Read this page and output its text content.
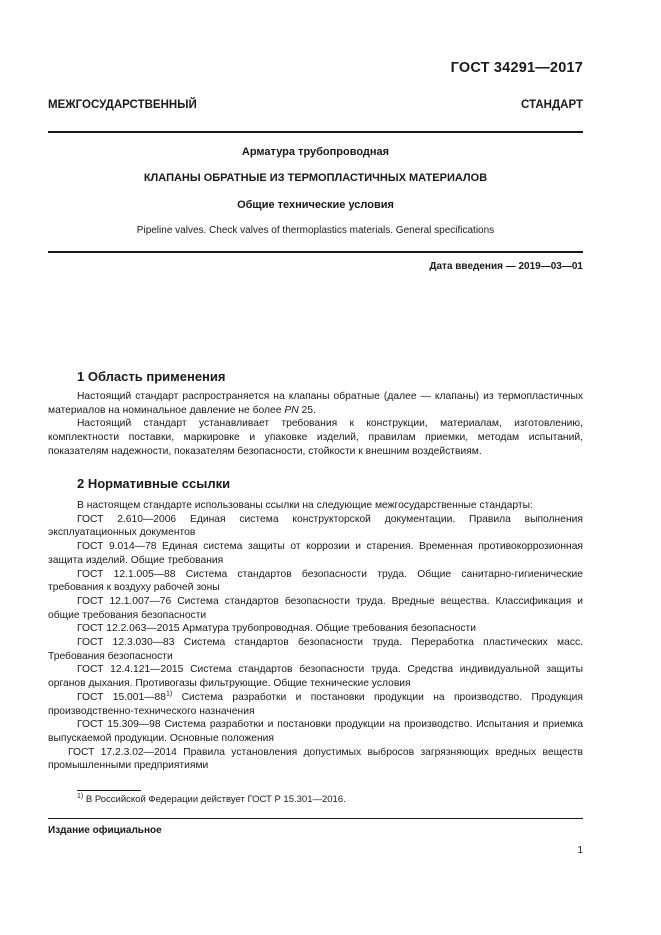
ГОСТ 34291—2017
МЕЖГОСУДАРСТВЕННЫЙ СТАНДАРТ
Арматура трубопроводная
КЛАПАНЫ ОБРАТНЫЕ ИЗ ТЕРМОПЛАСТИЧНЫХ МАТЕРИАЛОВ
Общие технические условия
Pipeline valves. Check valves of thermoplastics materials. General specifications
Дата введения — 2019—03—01
1 Область применения

Настоящий стандарт распространяется на клапаны обратные (далее — клапаны) из термопластичных материалов на номинальное давление не более PN 25.

Настоящий стандарт устанавливает требования к конструкции, материалам, изготовлению, комплектности поставки, маркировке и упаковке изделий, правилам приемки, методам испытаний, показателям надежности, показателям безопасности, стойкости к внешним воздействиям.

2 Нормативные ссылки

В настоящем стандарте использованы ссылки на следующие межгосударственные стандарты:

ГОСТ 2.610—2006 Единая система конструкторской документации. Правила выполнения эксплуатационных документов

ГОСТ 9.014—78 Единая система защиты от коррозии и старения. Временная противокоррозионная защита изделий. Общие требования

ГОСТ 12.1.005—88 Система стандартов безопасности труда. Общие санитарно-гигиенические требования к воздуху рабочей зоны

ГОСТ 12.1.007—76 Система стандартов безопасности труда. Вредные вещества. Классификация и общие требования безопасности

ГОСТ 12.2.063—2015 Арматура трубопроводная. Общие требования безопасности

ГОСТ 12.3.030—83 Система стандартов безопасности труда. Переработка пластических масс. Требования безопасности

ГОСТ 12.4.121—2015 Система стандартов безопасности труда. Средства индивидуальной защиты органов дыхания. Противогазы фильтрующие. Общие технические условия

ГОСТ 15.001—88$^{1)}$ Система разработки и постановки продукции на производство. Продукция производственно-технического назначения

ГОСТ 15.309—98 Система разработки и постановки продукции на производство. Испытания и приемка выпускаемой продукции. Основные положения

ГОСТ 17.2.3.02—2014 Правила установления допустимых выбросов загрязняющих вредных веществ промышленными предприятиями

$^{1)}$ В Российской Федерации действует ГОСТ Р 15.301—2016.
Издание официальное
1
